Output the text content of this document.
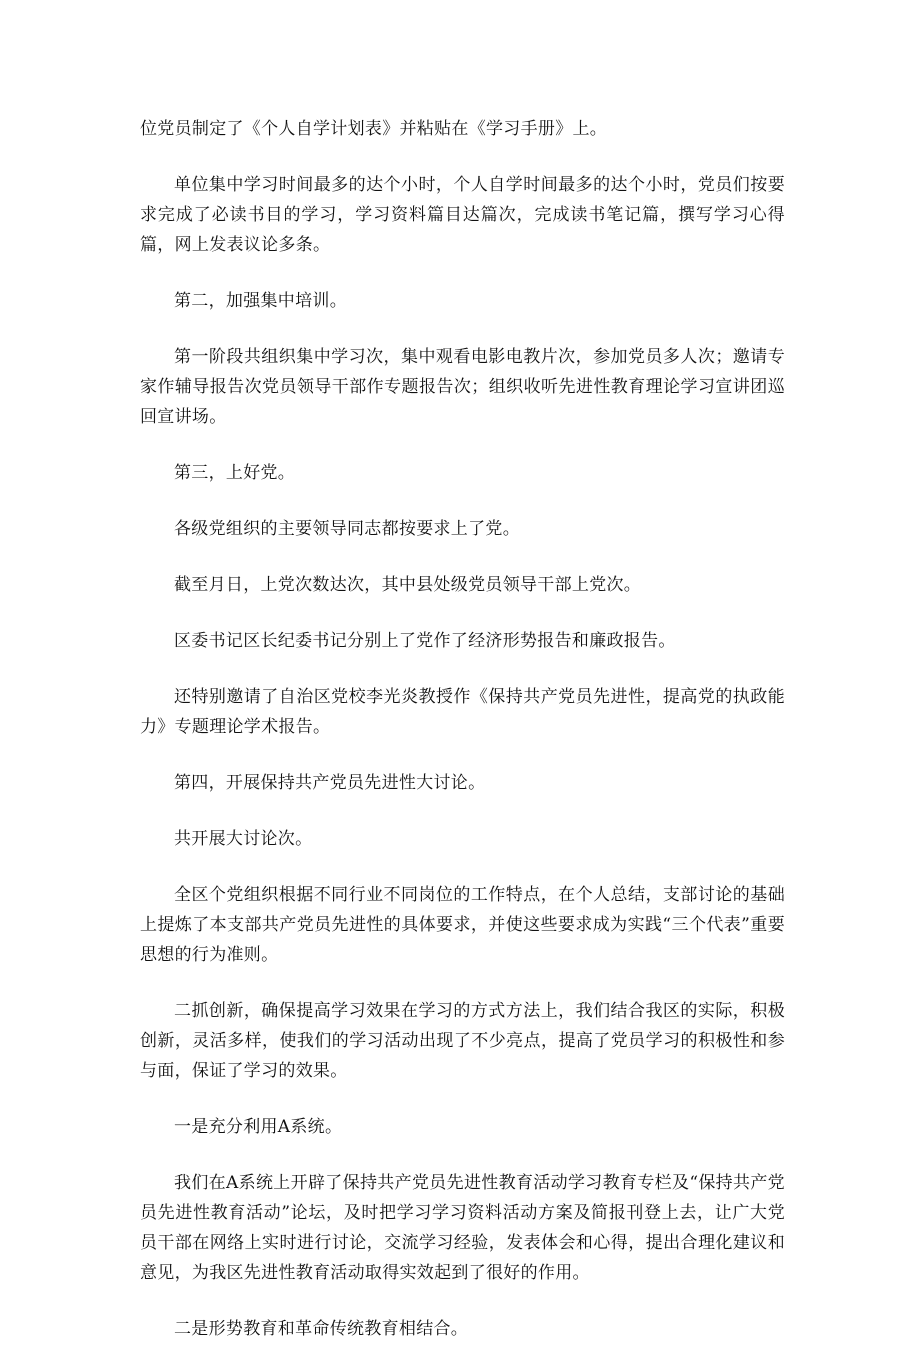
位党员制定了《个人自学计划表》并粘贴在《学习手册》上。

单位集中学习时间最多的达个小时，个人自学时间最多的达个小时，党员们按要求完成了必读书目的学习，学习资料篇目达篇次，完成读书笔记篇，撰写学习心得篇，网上发表议论多条。

第二，加强集中培训。

第一阶段共组织集中学习次，集中观看电影电教片次，参加党员多人次；邀请专家作辅导报告次党员领导干部作专题报告次；组织收听先进性教育理论学习宣讲团巡回宣讲场。

第三，上好党。

各级党组织的主要领导同志都按要求上了党。

截至月日，上党次数达次，其中县处级党员领导干部上党次。

区委书记区长纪委书记分别上了党作了经济形势报告和廉政报告。

还特别邀请了自治区党校李光炎教授作《保持共产党员先进性，提高党的执政能力》专题理论学术报告。

第四，开展保持共产党员先进性大讨论。

共开展大讨论次。

全区个党组织根据不同行业不同岗位的工作特点，在个人总结，支部讨论的基础上提炼了本支部共产党员先进性的具体要求，并使这些要求成为实践“三个代表”重要思想的行为准则。

二抓创新，确保提高学习效果在学习的方式方法上，我们结合我区的实际，积极创新，灵活多样，使我们的学习活动出现了不少亮点，提高了党员学习的积极性和参与面，保证了学习的效果。

一是充分利用A系统。

我们在A系统上开辟了保持共产党员先进性教育活动学习教育专栏及“保持共产党员先进性教育活动”论坛，及时把学习学习资料活动方案及简报刊登上去，让广大党员干部在网络上实时进行讨论，交流学习经验，发表体会和心得，提出合理化建议和意见，为我区先进性教育活动取得实效起到了很好的作用。

二是形势教育和革命传统教育相结合。
